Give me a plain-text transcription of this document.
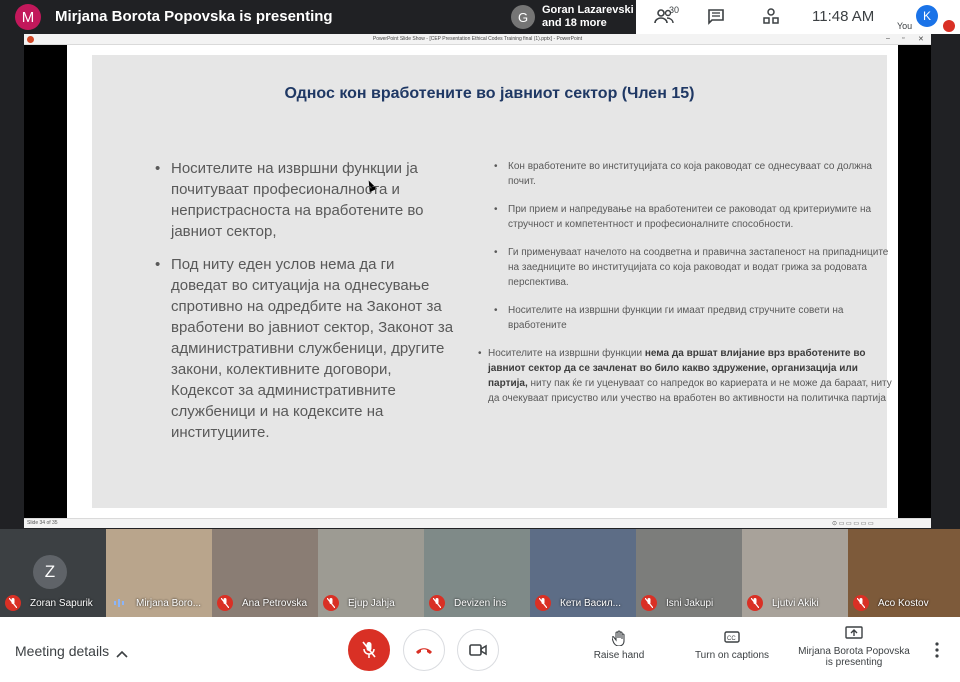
M	Mirjana Borota Popovska is presenting	G	Goran Lazarevski
and 18 more
30	11:48 AM
You
K
PowerPoint Slide Show - [CEP Presentation Ethical Codes Training final (1).pptx] - PowerPoint	– ▫ ✕
Однос кон вработените во јавниот сектор (Член 15)
• Носителите на извршни функции ја почитуваат професионалноста и непристрасноста на вработените во јавниот сектор,
• Под ниту еден услов нема да ги доведат во ситуација на однесување спротивно на одредбите на Законот за вработени во јавниот сектор, Законот за административни службеници, другите закони, колективните договори, Кодексот за административните службеници и на кодексите на институциите.
• Кон вработените во институцијата со која раководат се однесуваат со должна почит.
• При прием и напредување на вработенитеи се раководат од критериумите на стручност и компетентност и професионалните способности.
• Ги применуваат начелото на соодветна и правична застапеност на припадниците на заедниците во институцијата со која раководат и водат грижа за родовата перспектива.
• Носителите на извршни функции ги имаат предвид стручните совети на вработените
• Носителите на извршни функции нема да вршат влијание врз вработените во јавниот сектор да се зачленат во било какво здружение, организација или партија, ниту пак ќе ги уценуваат со напредок во кариерата и не може да бараат, ниту да очекуваат присуство или учество на вработен во активности на политичка партија
Slide 34 of 35	⊙ ▭ ▭ ▭ ▭ ▭
Z
Zoran Sapurik	Mirjana Boro...	Ana Petrovska	Ejup Jahja	Devizen İns	Кети Васил...	Isni Jakupi	Ljutvi Akiki	Aco Kostov
Meeting details	Raise hand
CC
Turn on captions	Mirjana Borota Popovska
is presenting
